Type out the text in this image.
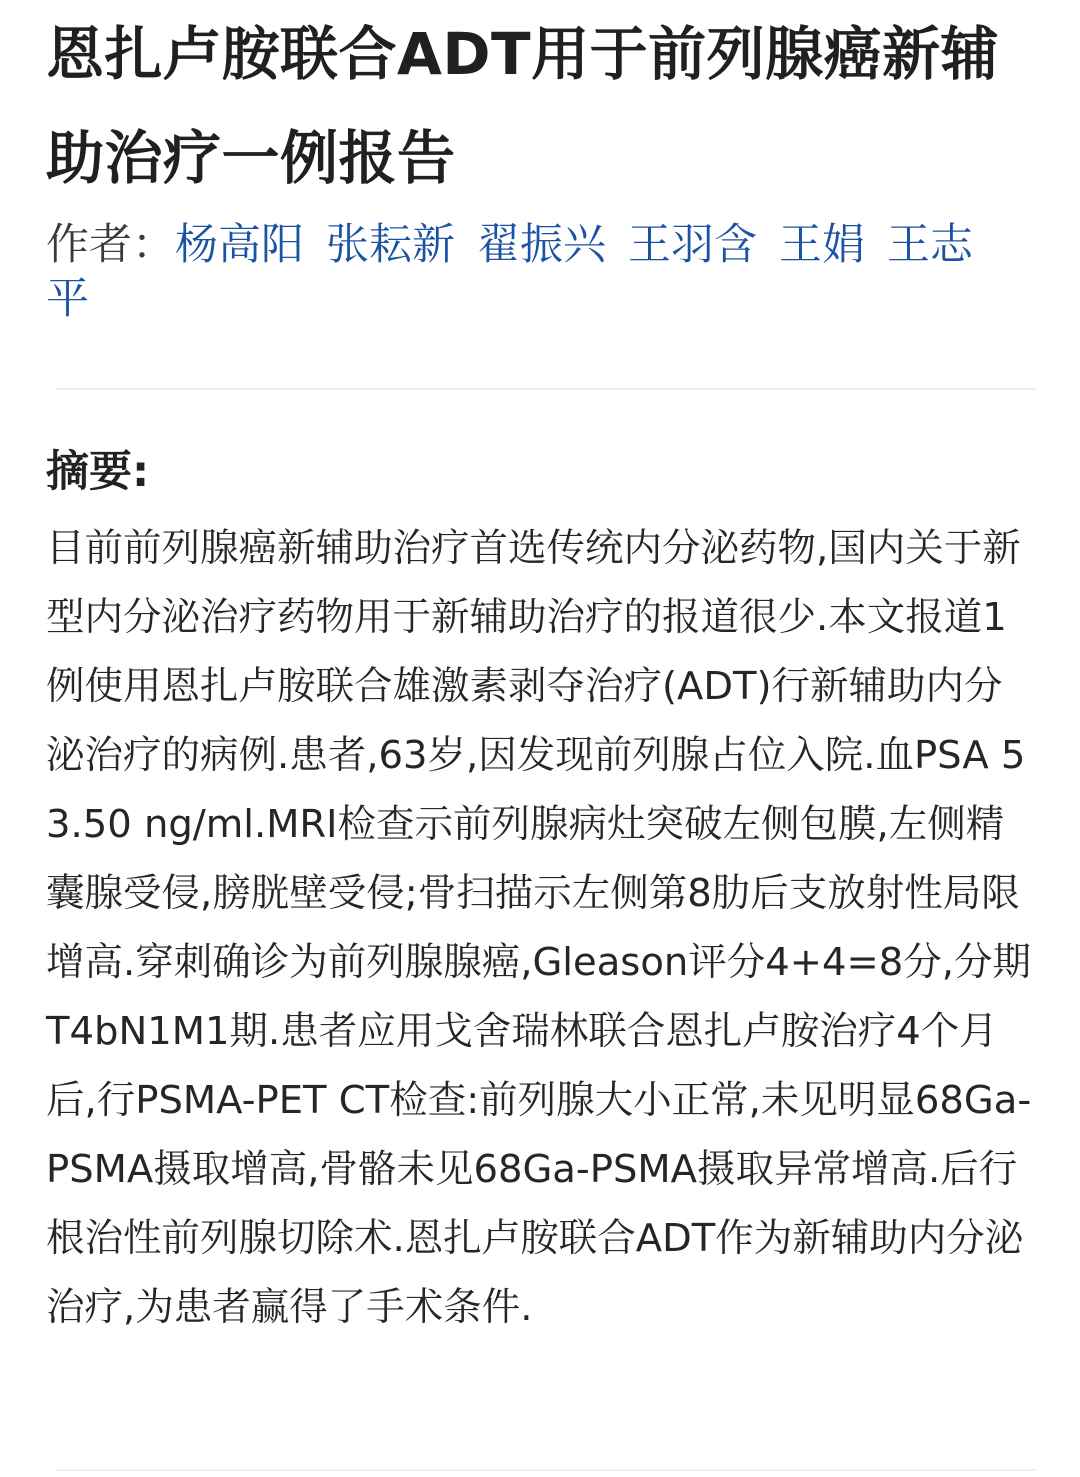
恩扎卢胺联合ADT用于前列腺癌新辅助治疗一例报告
作者：杨高阳 张耘新 翟振兴 王羽含 王娟 王志平
摘要:
目前前列腺癌新辅助治疗首选传统内分泌药物,国内关于新型内分泌治疗药物用于新辅助治疗的报道很少.本文报道1例使用恩扎卢胺联合雄激素剥夺治疗(ADT)行新辅助内分泌治疗的病例.患者,63岁,因发现前列腺占位入院.血PSA 53.50 ng/ml.MRI检查示前列腺病灶突破左侧包膜,左侧精囊腺受侵,膀胱壁受侵;骨扫描示左侧第8肋后支放射性局限增高.穿刺确诊为前列腺腺癌,Gleason评分4+4=8分,分期T4bN1M1期.患者应用戈舍瑞林联合恩扎卢胺治疗4个月后,行PSMA-PET CT检查:前列腺大小正常,未见明显68Ga-PSMA摄取增高,骨骼未见68Ga-PSMA摄取异常增高.后行根治性前列腺切除术.恩扎卢胺联合ADT作为新辅助内分泌治疗,为患者赢得了手术条件.
